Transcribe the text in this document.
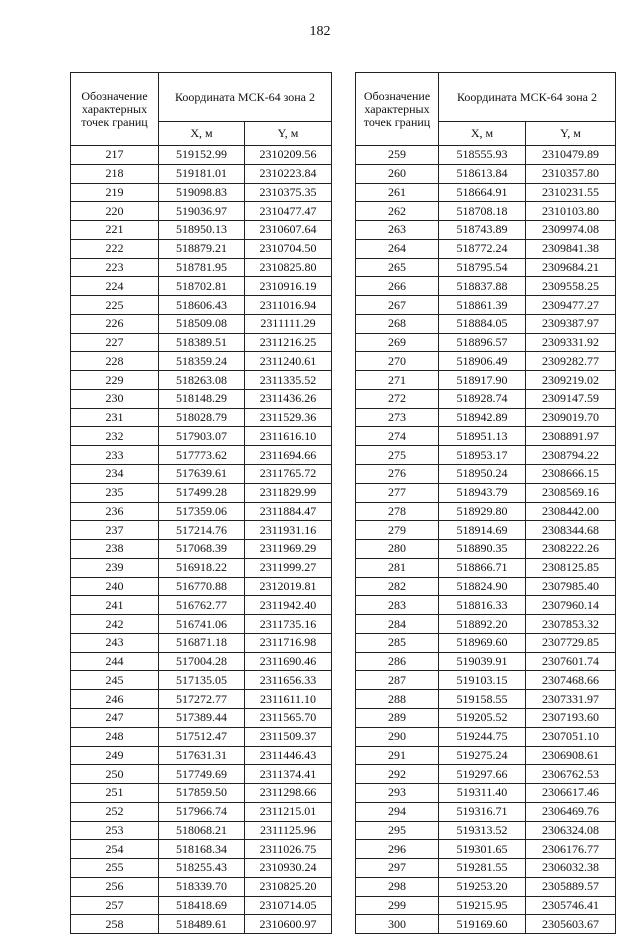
182
Обозначение характерных точек границ	Координата МСК-64 зона 2	
	X, м	Y, м
217	519152.99	2310209.56
218	519181.01	2310223.84
219	519098.83	2310375.35
220	519036.97	2310477.47
221	518950.13	2310607.64
222	518879.21	2310704.50
223	518781.95	2310825.80
224	518702.81	2310916.19
225	518606.43	2311016.94
226	518509.08	2311111.29
227	518389.51	2311216.25
228	518359.24	2311240.61
229	518263.08	2311335.52
230	518148.29	2311436.26
231	518028.79	2311529.36
232	517903.07	2311616.10
233	517773.62	2311694.66
234	517639.61	2311765.72
235	517499.28	2311829.99
236	517359.06	2311884.47
237	517214.76	2311931.16
238	517068.39	2311969.29
239	516918.22	2311999.27
240	516770.88	2312019.81
241	516762.77	2311942.40
242	516741.06	2311735.16
243	516871.18	2311716.98
244	517004.28	2311690.46
245	517135.05	2311656.33
246	517272.77	2311611.10
247	517389.44	2311565.70
248	517512.47	2311509.37
249	517631.31	2311446.43
250	517749.69	2311374.41
251	517859.50	2311298.66
252	517966.74	2311215.01
253	518068.21	2311125.96
254	518168.34	2311026.75
255	518255.43	2310930.24
256	518339.70	2310825.20
257	518418.69	2310714.05
258	518489.61	2310600.97
Обозначение характерных точек границ	Координата МСК-64 зона 2	
	X, м	Y, м
259	518555.93	2310479.89
260	518613.84	2310357.80
261	518664.91	2310231.55
262	518708.18	2310103.80
263	518743.89	2309974.08
264	518772.24	2309841.38
265	518795.54	2309684.21
266	518837.88	2309558.25
267	518861.39	2309477.27
268	518884.05	2309387.97
269	518896.57	2309331.92
270	518906.49	2309282.77
271	518917.90	2309219.02
272	518928.74	2309147.59
273	518942.89	2309019.70
274	518951.13	2308891.97
275	518953.17	2308794.22
276	518950.24	2308666.15
277	518943.79	2308569.16
278	518929.80	2308442.00
279	518914.69	2308344.68
280	518890.35	2308222.26
281	518866.71	2308125.85
282	518824.90	2307985.40
283	518816.33	2307960.14
284	518892.20	2307853.32
285	518969.60	2307729.85
286	519039.91	2307601.74
287	519103.15	2307468.66
288	519158.55	2307331.97
289	519205.52	2307193.60
290	519244.75	2307051.10
291	519275.24	2306908.61
292	519297.66	2306762.53
293	519311.40	2306617.46
294	519316.71	2306469.76
295	519313.52	2306324.08
296	519301.65	2306176.77
297	519281.55	2306032.38
298	519253.20	2305889.57
299	519215.95	2305746.41
300	519169.60	2305603.67
